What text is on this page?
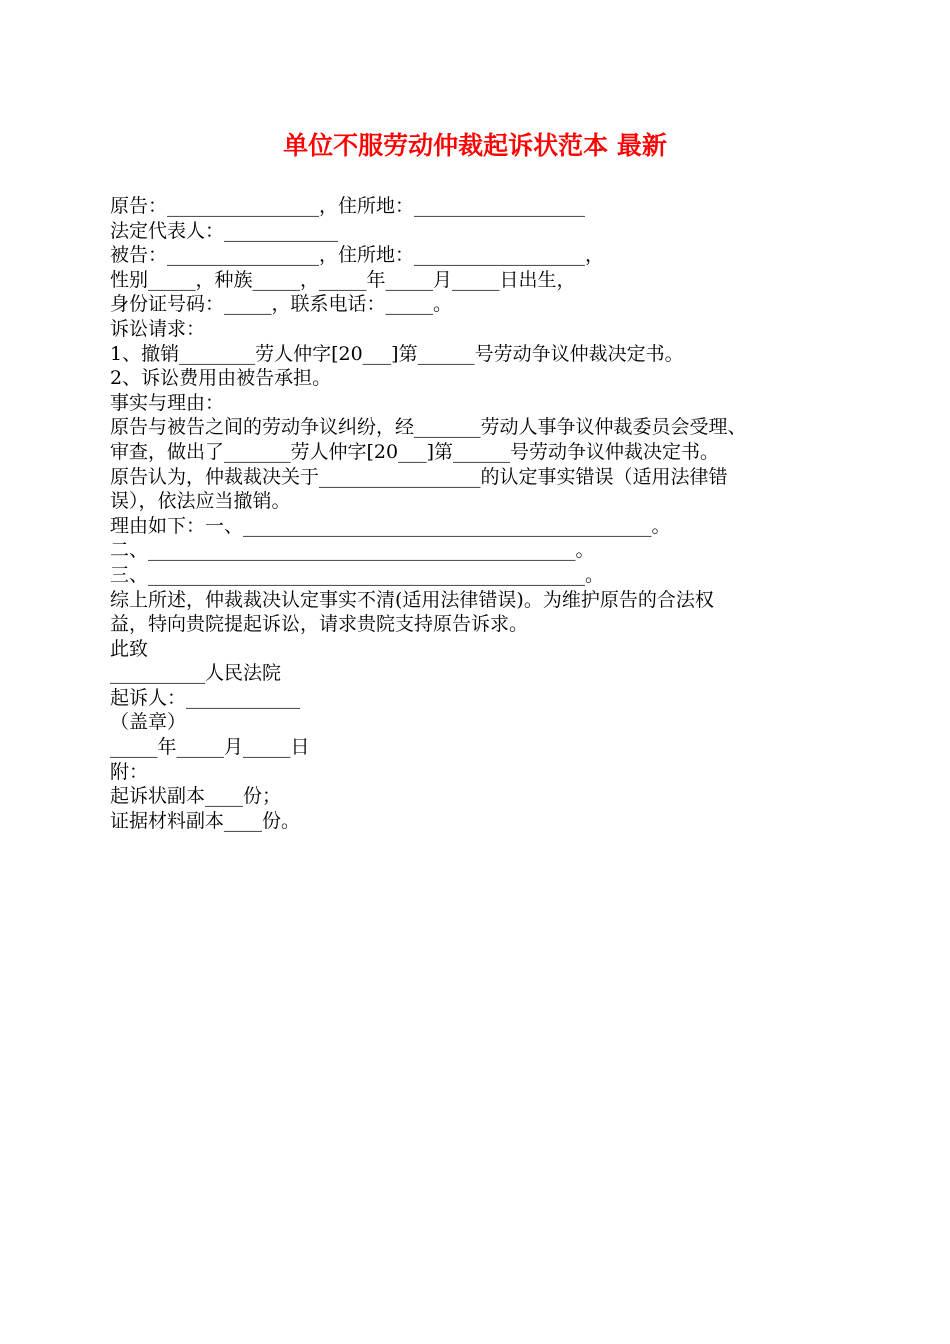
单位不服劳动仲裁起诉状范本 最新

原告：________________，住所地：__________________

法定代表人：____________

被告：________________，住所地：__________________，

性别_____，种族_____，_____年_____月_____日出生，

身份证号码：_____，联系电话：_____。

诉讼请求：

1、撤销________劳人仲字[20___]第______号劳动争议仲裁决定书。

2、诉讼费用由被告承担。

事实与理由：

原告与被告之间的劳动争议纠纷，经_______劳动人事争议仲裁委员会受理、

审查，做出了_______劳人仲字[20___]第______号劳动争议仲裁决定书。

原告认为，仲裁裁决关于_________________的认定事实错误（适用法律错

误），依法应当撤销。

理由如下：一、___________________________________________。

二、_____________________________________________。

三、______________________________________________。

综上所述，仲裁裁决认定事实不清(适用法律错误)。为维护原告的合法权

益，特向贵院提起诉讼，请求贵院支持原告诉求。

此致

__________人民法院

起诉人：____________

（盖章）

_____年_____月_____日

附：

起诉状副本____份；

证据材料副本____份。
